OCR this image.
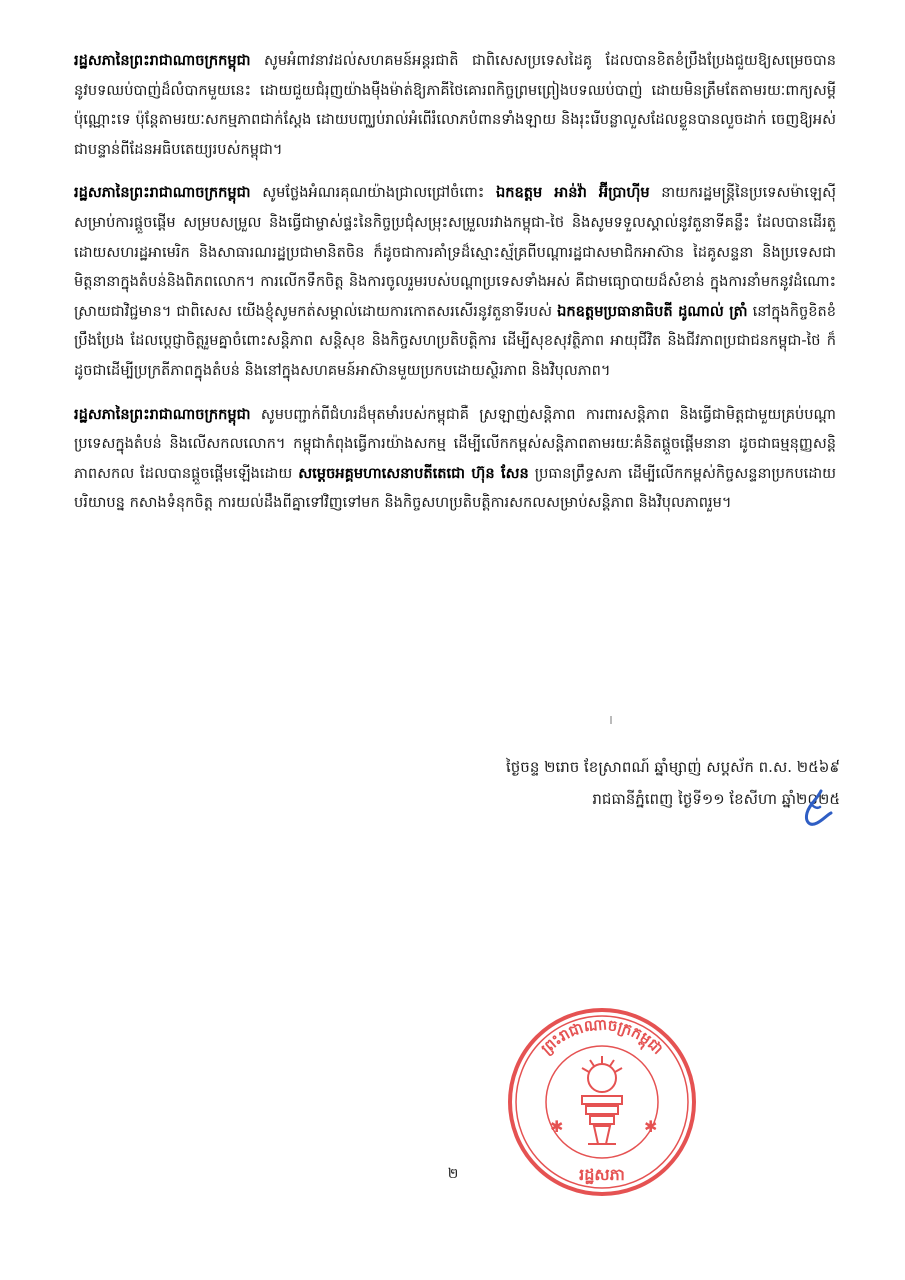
រដ្ឋសភានៃព្រះរាជាណាចក្រកម្ពុជា សូមអំពាវនាវដល់សហគមន៍អន្តរជាតិ ជាពិសេសប្រទេសដៃគូ ដែលបានខិតខំប្រឹងប្រែងជួយឱ្យសម្រេចបាននូវបទឈប់បាញ់ដ៏លំបាកមួយនេះ ដោយជួយជំរុញយ៉ាងម៉ឺងម៉ាត់ឱ្យភាគីថៃគោរពកិច្ចព្រមព្រៀងបទឈប់បាញ់ ដោយមិនត្រឹមតែតាមរយៈពាក្យសម្ដីប៉ុណ្ណោះទេ ប៉ុន្តែតាមរយៈសកម្មភាពជាក់ស្ដែង ដោយបញ្ឈប់រាល់អំពើរំលោភបំពានទាំងឡាយ និងរុះរើបន្លាលួសដែលខ្លួនបានលួចដាក់ ចេញឱ្យអស់ជាបន្ទាន់ពីដែនអធិបតេយ្យរបស់កម្ពុជា។

រដ្ឋសភានៃព្រះរាជាណាចក្រកម្ពុជា សូមថ្លែងអំណរគុណយ៉ាងជ្រាលជ្រៅចំពោះ ឯកឧត្តម អាន់វ៉ា អ៊ីប្រាហ៊ីម នាយករដ្ឋមន្ត្រីនៃប្រទេសម៉ាឡេស៊ី សម្រាប់ការផ្ដួចផ្ដើម សម្របសម្រួល និងធ្វើជាម្ចាស់ផ្ទះនៃកិច្ចប្រជុំសម្រុះសម្រួលរវាងកម្ពុជា-ថៃ និងសូមទទួលស្គាល់នូវតួនាទីគន្លឹះ ដែលបានដើរតួដោយសហរដ្ឋអាមេរិក និងសាធារណរដ្ឋប្រជាមានិតចិន ក៏ដូចជាការគាំទ្រដ៏ស្មោះស្ម័គ្រពីបណ្ដារដ្ឋជាសមាជិកអាស៊ាន ដៃគូសន្ទនា និងប្រទេសជាមិត្តនានាក្នុងតំបន់និងពិភពលោក។ ការលើកទឹកចិត្ត និងការចូលរួមរបស់បណ្ដាប្រទេសទាំងអស់ គឺជាមធ្យោបាយដ៏សំខាន់ ក្នុងការនាំមកនូវដំណោះស្រាយជាវិជ្ជមាន។ ជាពិសេស យើងខ្ញុំសូមកត់សម្គាល់ដោយការកោតសរសើរនូវតួនាទីរបស់ ឯកឧត្តមប្រធានាធិបតី ដូណាល់ ត្រាំ នៅក្នុងកិច្ចខិតខំប្រឹងប្រែង ដែលប្ដេជ្ញាចិត្តរួមគ្នាចំពោះសន្តិភាព សន្តិសុខ និងកិច្ចសហប្រតិបត្តិការ ដើម្បីសុខសុវត្ថិភាព អាយុជីវិត និងជីវភាពប្រជាជនកម្ពុជា-ថៃ ក៏ដូចជាដើម្បីប្រក្រតីភាពក្នុងតំបន់ និងនៅក្នុងសហគមន៍អាស៊ានមួយប្រកបដោយស្ថិរភាព និងវិបុលភាព។

រដ្ឋសភានៃព្រះរាជាណាចក្រកម្ពុជា សូមបញ្ជាក់ពីជំហរដ៏មុតមាំរបស់កម្ពុជាគឺ ស្រឡាញ់សន្តិភាព ការពារសន្តិភាព និងធ្វើជាមិត្តជាមួយគ្រប់បណ្ដាប្រទេសក្នុងតំបន់ និងលើសកលលោក។ កម្ពុជាកំពុងធ្វើការយ៉ាងសកម្ម ដើម្បីលើកកម្ពស់សន្តិភាពតាមរយៈគំនិតផ្ដួចផ្ដើមនានា ដូចជាធម្មនុញ្ញសន្តិភាពសកល ដែលបានផ្ដួចផ្ដើមឡើងដោយ សម្ដេចអគ្គមហាសេនាបតីតេជោ ហ៊ុន សែន ប្រធានព្រឹទ្ធសភា ដើម្បីលើកកម្ពស់កិច្ចសន្ទនាប្រកបដោយបរិយាបន្ន កសាងទំនុកចិត្ត ការយល់ដឹងពីគ្នាទៅវិញទៅមក និងកិច្ចសហប្រតិបត្តិការសកលសម្រាប់សន្តិភាព និងវិបុលភាពរួម។

ថ្ងៃចន្ទ ២រោច ខែស្រាពណ៍ ឆ្នាំម្សាញ់ សប្តស័ក ព.ស. ២៥៦៩
រាជធានីភ្នំពេញ ថ្ងៃទី១១ ខែសីហា ឆ្នាំ២០២៥
ព្រះរាជាណាចក្រកម្ពុជា
✱	✱
រដ្ឋសភា
២
